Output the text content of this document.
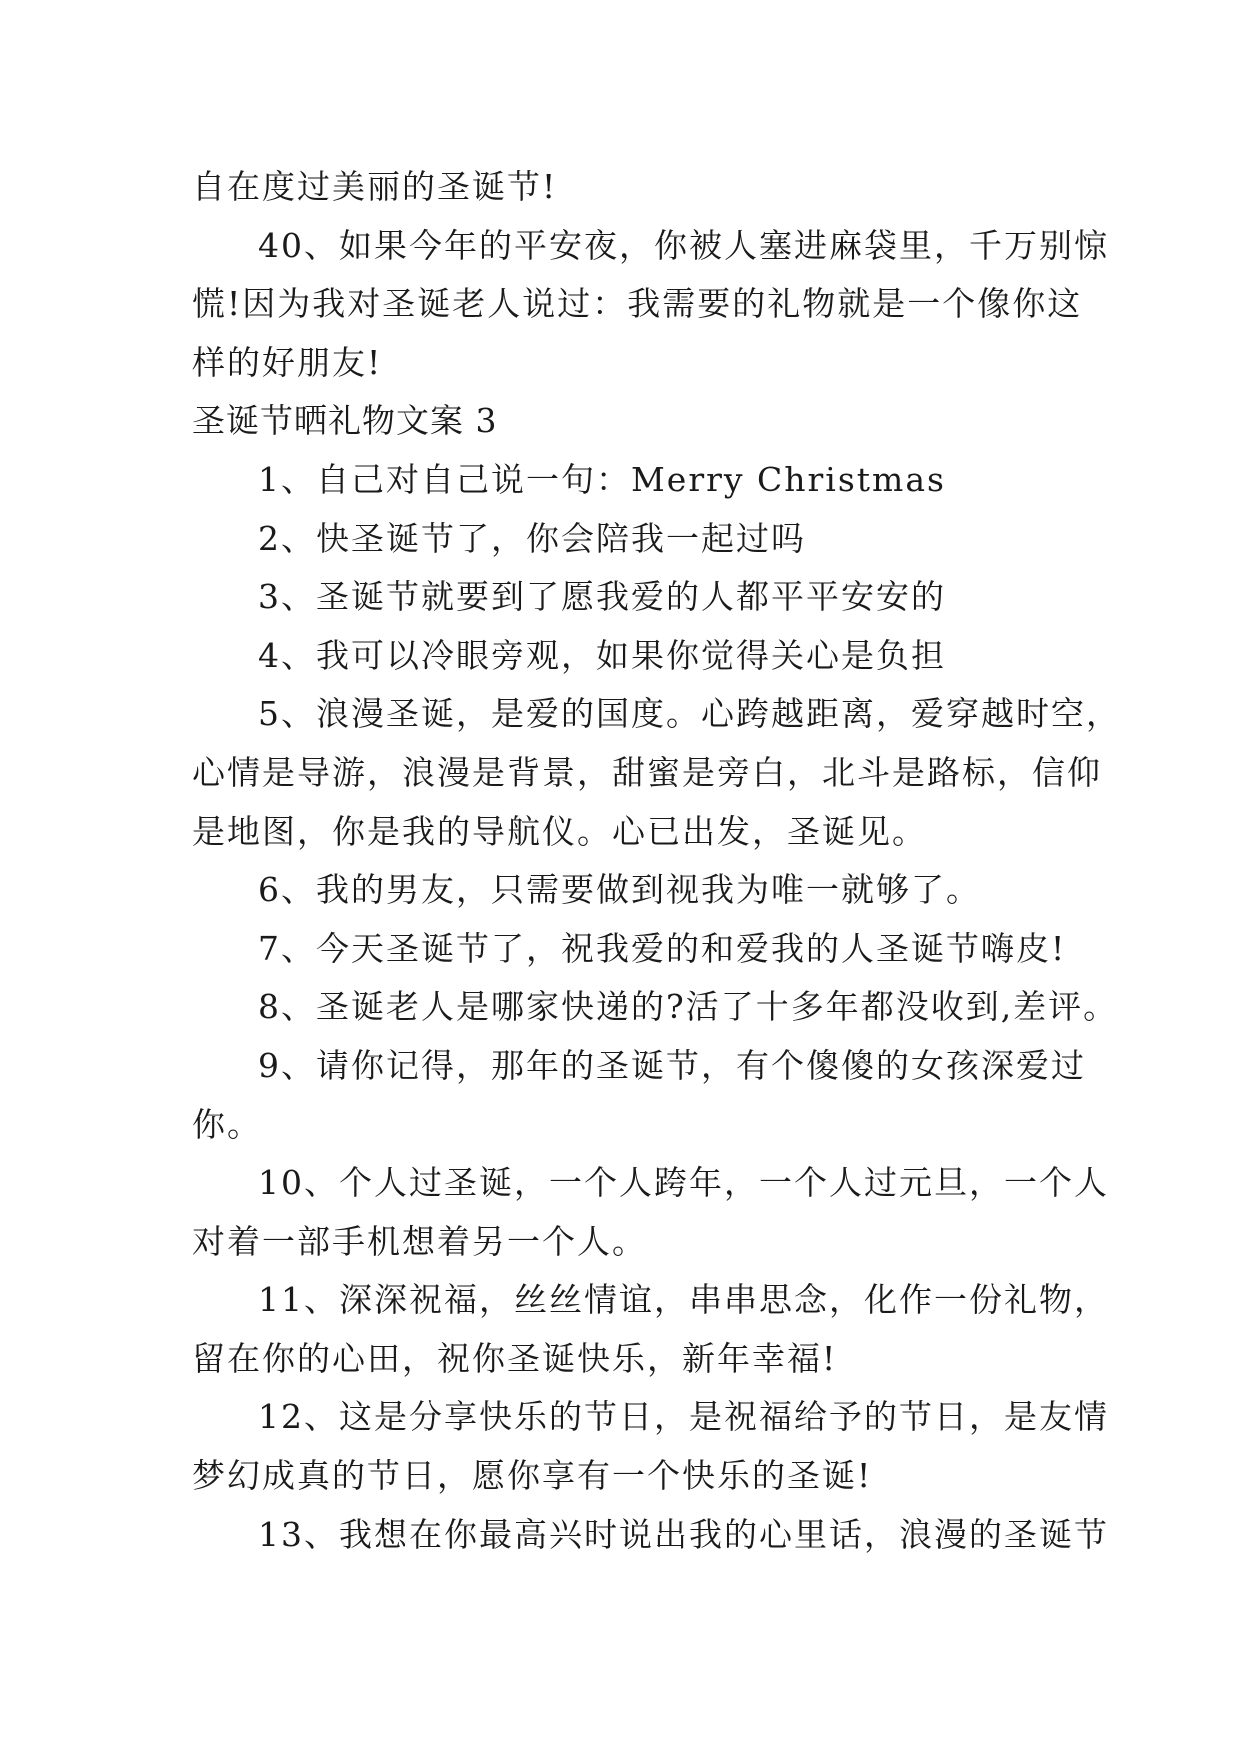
自在度过美丽的圣诞节!
40、如果今年的平安夜，你被人塞进麻袋里，千万别惊
慌!因为我对圣诞老人说过：我需要的礼物就是一个像你这
样的好朋友!
圣诞节晒礼物文案 3
1、自己对自己说一句：Merry Christmas
2、快圣诞节了，你会陪我一起过吗
3、圣诞节就要到了愿我爱的人都平平安安的
4、我可以冷眼旁观，如果你觉得关心是负担
5、浪漫圣诞，是爱的国度。心跨越距离，爱穿越时空，
心情是导游，浪漫是背景，甜蜜是旁白，北斗是路标，信仰
是地图，你是我的导航仪。心已出发，圣诞见。
6、我的男友，只需要做到视我为唯一就够了。
7、今天圣诞节了，祝我爱的和爱我的人圣诞节嗨皮!
8、圣诞老人是哪家快递的?活了十多年都没收到,差评。
9、请你记得，那年的圣诞节，有个傻傻的女孩深爱过
你。
10、个人过圣诞，一个人跨年，一个人过元旦，一个人
对着一部手机想着另一个人。
11、深深祝福，丝丝情谊，串串思念，化作一份礼物，
留在你的心田，祝你圣诞快乐，新年幸福!
12、这是分享快乐的节日，是祝福给予的节日，是友情
梦幻成真的节日，愿你享有一个快乐的圣诞!
13、我想在你最高兴时说出我的心里话，浪漫的圣诞节
